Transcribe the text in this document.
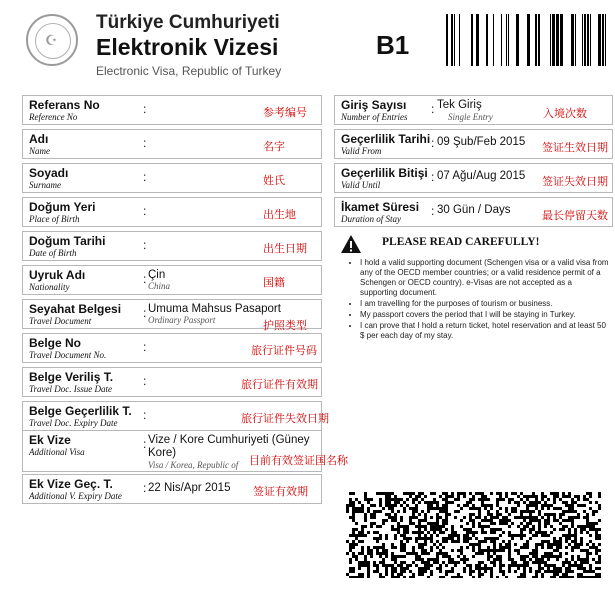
☪
Türkiye Cumhuriyeti
Elektronik Vizesi
Electronic Visa, Republic of Turkey
B1
Referans No
Reference No
:	参考编号
Adı
Name
:	名字
Soyadı
Surname
:	姓氏
Doğum Yeri
Place of Birth
:	出生地
Doğum Tarihi
Date of Birth
:	出生日期
Uyruk Adı
Nationality
: Çin
China	国籍
Seyahat Belgesi
Travel Document
: Umuma Mahsus Pasaport
Ordinary Passport	护照类型
Belge No
Travel Document No.
:	旅行证件号码
Belge Veriliş T.
Travel Doc. Issue Date
:	旅行证件有效期
Belge Geçerlilik T.
Travel Doc. Expiry Date
:	旅行证件失效日期
Ek Vize
Additional Visa
: Vize / Kore Cumhuriyeti (Güney
Kore)
Visa / Korea, Republic of 目前有效签证国名称
Ek Vize Geç. T.
Additional V. Expiry Date
: 22 Nis/Apr 2015 签证有效期
Giriş Sayısı
Number of Entries
: Tek Giriş
Single Entry	入境次数
Geçerlilik Tarihi
Valid From
: 09 Şub/Feb 2015 签证生效日期
Geçerlilik Bitişi
Valid Until
: 07 Ağu/Aug 2015 签证失效日期
İkamet Süresi
Duration of Stay
: 30 Gün / Days	最长停留天数
PLEASE READ CAREFULLY!
• I hold a valid supporting document (Schengen visa or a valid visa from any of the OECD member countries; or a valid residence permit of a Schengen or OECD country). e-Visas are not accepted as a supporting document.
• I am travelling for the purposes of tourism or business.
• My passport covers the period that I will be staying in Turkey.
• I can prove that I hold a return ticket, hotel reservation and at least 50 $ per each day of my stay.
